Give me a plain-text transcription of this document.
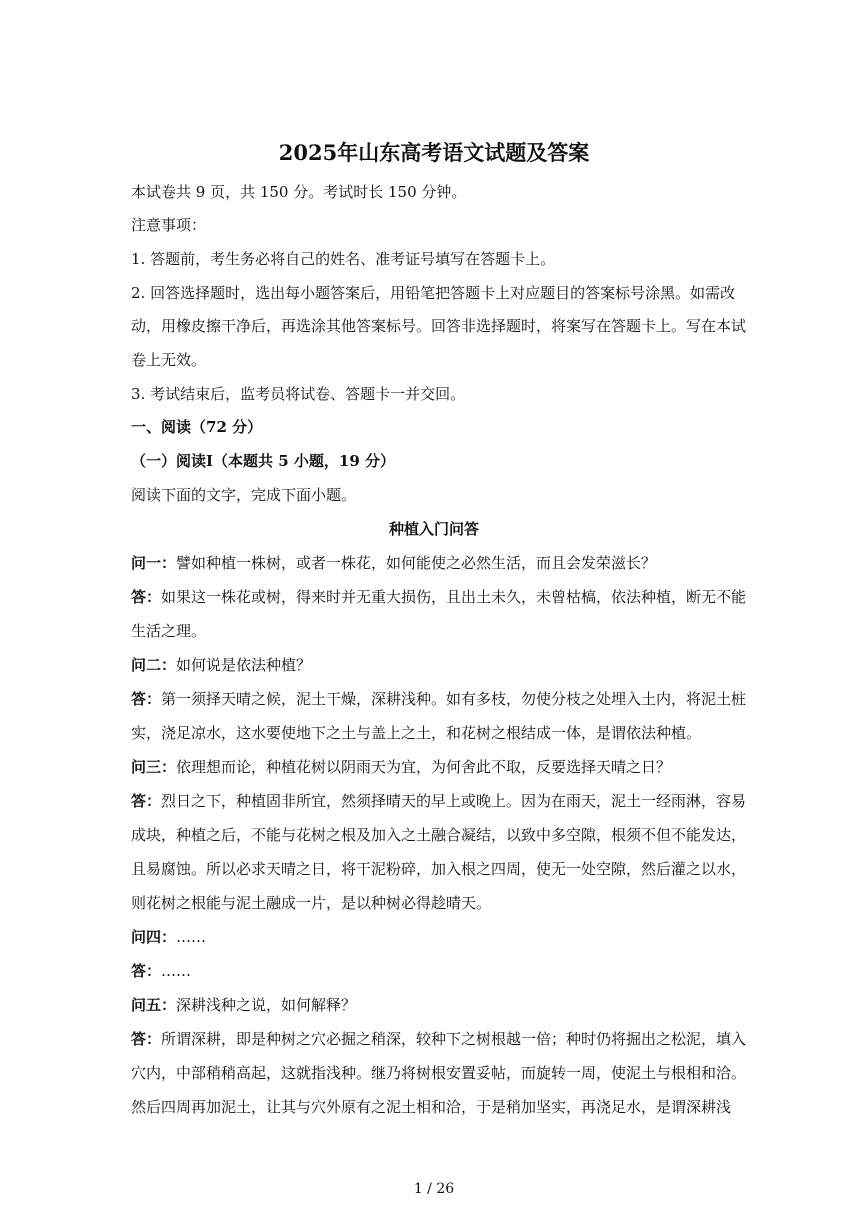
2025年山东高考语文试题及答案
本试卷共 9 页，共 150 分。考试时长 150 分钟。
注意事项：
1. 答题前，考生务必将自己的姓名、准考证号填写在答题卡上。
2. 回答选择题时，选出每小题答案后，用铅笔把答题卡上对应题目的答案标号涂黑。如需改
动，用橡皮擦干净后，再选涂其他答案标号。回答非选择题时，将案写在答题卡上。写在本试
卷上无效。
3. 考试结束后，监考员将试卷、答题卡一并交回。
一、阅读（72 分）
（一）阅读Ⅰ（本题共 5 小题，19 分）
阅读下面的文字，完成下面小题。
种植入门问答
问一：譬如种植一株树，或者一株花，如何能使之必然生活，而且会发荣滋长？
答：如果这一株花或树，得来时并无重大损伤，且出土未久，未曾枯槁，依法种植，断无不能
生活之理。
问二：如何说是依法种植？
答：第一须择天晴之候，泥土干燥，深耕浅种。如有多枝，勿使分枝之处埋入土内，将泥土桩
实，浇足凉水，这水要使地下之土与盖上之土，和花树之根结成一体，是谓依法种植。
问三：依理想而论，种植花树以阴雨天为宜，为何舍此不取，反要选择天晴之日？
答：烈日之下，种植固非所宜，然须择晴天的早上或晚上。因为在雨天，泥土一经雨淋，容易
成块，种植之后，不能与花树之根及加入之土融合凝结，以致中多空隙，根须不但不能发达，
且易腐蚀。所以必求天晴之日，将干泥粉碎，加入根之四周，使无一处空隙，然后灌之以水，
则花树之根能与泥土融成一片，是以种树必得趁晴天。
问四：……
答：……
问五：深耕浅种之说，如何解释？
答：所谓深耕，即是种树之穴必掘之稍深，较种下之树根越一倍；种时仍将掘出之松泥，填入
穴内，中部稍稍高起，这就指浅种。继乃将树根安置妥帖，而旋转一周，使泥土与根相和洽。
然后四周再加泥土，让其与穴外原有之泥土相和洽，于是稍加坚实，再浇足水，是谓深耕浅
1 / 26
